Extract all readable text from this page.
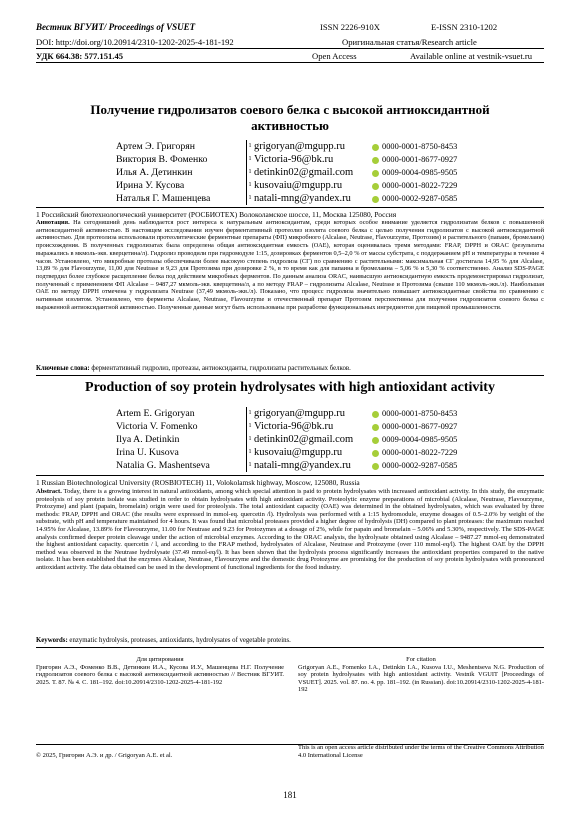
Вестник ВГУИТ/ Proceedings of VSUET	ISSN 2226-910X	E-ISSN 2310-1202
DOI: http://doi.org/10.20914/2310-1202-2025-4-181-192	Оригинальная статья/Research article
УДК 664.38: 577.151.45	Open Access	Available online at vestnik-vsuet.ru
Получение гидролизатов соевого белка с высокой антиоксидантной активностью
Артем Э. Григорян	1	grigoryan@mgupp.ru	0000-0001-8750-8453
Виктория В. Фоменко	1	Victoria-96@bk.ru	0000-0001-8677-0927
Илья А. Детинкин	1	detinkin02@gmail.com	0009-0004-0985-9505
Ирина У. Кусова	1	kusovaiu@mgupp.ru	0000-0001-8022-7229
Наталья Г. Машенцева	1	natali-mng@yandex.ru	0000-0002-9287-0585
1 Российский биотехнологический университет (РОСБИОТЕХ) Волоколамское шоссе, 11, Москва 125080, Россия
Аннотация. На сегодняшний день наблюдается рост интереса к натуральным антиоксидантам, среди которых особое внимание уделяется гидролизатам белков с повышенной антиоксидантной активностью. В настоящем исследовании изучен ферментативный протеолиз изолята соевого белка с целью получения гидролизатов с высокой антиоксидантной активностью. Для протеолиза использовали протеолитические ферментные препараты (ФП) микробного (Alcalase, Neutrase, Flavourzyme, Протозим) и растительного (папаин, бромелаин) происхождения. В полученных гидролизатах была определена общая антиоксидантная емкость (ОАЕ), которая оценивалась тремя методами: FRAP, DPPH и ORAC (результаты выражались в мкмоль-экв. кверцетина/л). Гидролиз проводили при гидромодуле 1:15, дозировках ферментов 0,5–2,0 % от массы субстрата, с поддержанием pH и температуры в течение 4 часов. Установлено, что микробные протеазы обеспечивали более высокую степень гидролиза (СГ) по сравнению с растительными: максимальная СГ достигала 14,95 % для Alcalase, 13,89 % для Flavourzyme, 11,00 для Neutrase и 9,23 для Протозима при дозировке 2 %, в то время как для папаина и бромелаина – 5,06 % и 5,30 % соответственно. Анализ SDS-PAGE подтвердил более глубокое расщепление белка под действием микробных ферментов. По данным анализа ORAC, наивысшую антиоксидантную емкость продемонстрировал гидролизат, полученный с применением ФП Alcalase – 9487,27 мкмоль-экв. кверцетина/л, а по методу FRAP – гидролизаты Alcalase, Neutrase и Протозима (свыше 110 мкмоль-экв./л). Наибольшая ОАЕ по методу DPPH отмечена у гидролизата Neutrase (37,49 мкмоль-экв./л). Показано, что процесс гидролиза значительно повышает антиоксидантные свойства по сравнению с нативным изолятом. Установлено, что ферменты Alcalase, Neutrase, Flavourzyme и отечественный препарат Протозим перспективны для получения гидролизатов соевого белка с выраженной антиоксидантной активностью. Полученные данные могут быть использованы при разработке функциональных ингредиентов для пищевой промышленности.
Ключевые слова: ферментативный гидролиз, протеазы, антиоксиданты, гидролизаты растительных белков.
Production of soy protein hydrolysates with high antioxidant activity
Artem E. Grigoryan	1	grigoryan@mgupp.ru	0000-0001-8750-8453
Victoria V. Fomenko	1	Victoria-96@bk.ru	0000-0001-8677-0927
Ilya A. Detinkin	1	detinkin02@gmail.com	0009-0004-0985-9505
Irina U. Kusova	1	kusovaiu@mgupp.ru	0000-0001-8022-7229
Natalia G. Mashentseva	1	natali-mng@yandex.ru	0000-0002-9287-0585
1 Russian Biotechnological University (ROSBIOTECH) 11, Volokolamsk highway, Moscow, 125080, Russia
Abstract. Today, there is a growing interest in natural antioxidants, among which special attention is paid to protein hydrolysates with increased antioxidant activity. In this study, the enzymatic proteolysis of soy protein isolate was studied in order to obtain hydrolysates with high antioxidant activity. Proteolytic enzyme preparations of microbial (Alcalase, Neutrase, Flavourzyme, Protozyme) and plant (papain, bromelain) origin were used for proteolysis. The total antioxidant capacity (OAE) was determined in the obtained hydrolysates, which was evaluated by three methods: FRAP, DPPH and ORAC (the results were expressed in mmol-eq. quercetin /l). Hydrolysis was performed with a 1:15 hydromodule, enzyme dosages of 0.5–2.0% by weight of the substrate, with pH and temperature maintained for 4 hours. It was found that microbial proteases provided a higher degree of hydrolysis (DH) compared to plant proteases: the maximum reached 14.95% for Alcalase, 13.89% for Flavourzyme, 11.00 for Neutrase and 9.23 for Protozymes at a dosage of 2%, while for papain and bromelain – 5.06% and 5.30%, respectively. The SDS-PAGE analysis confirmed deeper protein cleavage under the action of microbial enzymes. According to the ORAC analysis, the hydrolysate obtained using Alcalase – 9487.27 mmol-eq demonstrated the highest antioxidant capacity. quercetin / l, and according to the FRAP method, hydrolysates of Alcalase, Neutrase and Protozyme (over 110 mmol-eq/l). The highest OAE by the DPPH method was observed in the Neutrase hydrolysate (37.49 mmol-eq/l). It has been shown that the hydrolysis process significantly increases the antioxidant properties compared to the native isolate. It has been established that the enzymes Alcalase, Neutrase, Flavourzyme and the domestic drug Protozyme are promising for the production of soy protein hydrolysates with pronounced antioxidant activity. The data obtained can be used in the development of functional ingredients for the food industry.
Keywords: enzymatic hydrolysis, proteases, antioxidants, hydrolysates of vegetable proteins.
Для цитирования
Григорян А.Э., Фоменко В.В., Детинкин И.А., Кусова И.У., Машенцева Н.Г. Получение гидролизатов соевого белка с высокой антиоксидантной активностью // Вестник ВГУИТ. 2025. Т. 87. № 4. С. 181–192. doi:10.20914/2310-1202-2025-4-181-192
For citation
Grigoryan A.E., Fomenko I.A., Detinkin I.A., Kusova I.U., Meshentseva N.G. Production of soy protein hydrolysates with high antioxidant activity. Vestnik VGUIT [Proceedings of VSUET]. 2025. vol. 87. no. 4. pp. 181–192. (in Russian). doi:10.20914/2310-1202-2025-4-181-192
© 2025, Григорян А.Э. и др. / Grigoryan A.E. et al.
This is an open access article distributed under the terms of the Creative Commons Attribution 4.0 International License
181
